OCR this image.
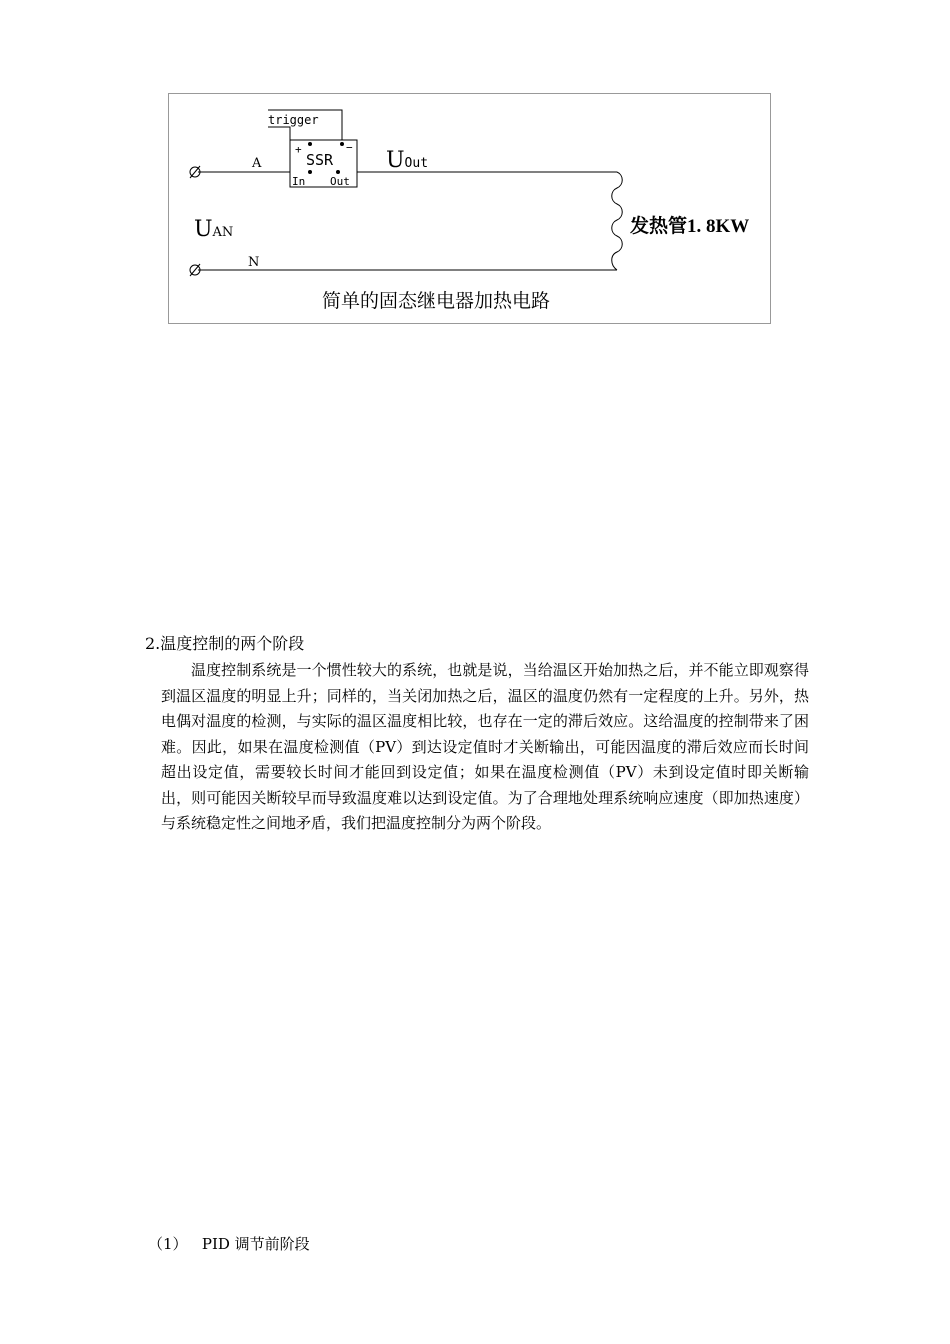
trigger
+	−
SSR
In Out
A	UOut
N
UAN	发热管1. 8KW
简单的固态继电器加热电路
2.温度控制的两个阶段
温度控制系统是一个惯性较大的系统，也就是说，当给温区开始加热之后，并不能立即观察得到温区温度的明显上升；同样的，当关闭加热之后，温区的温度仍然有一定程度的上升。另外，热电偶对温度的检测，与实际的温区温度相比较，也存在一定的滞后效应。这给温度的控制带来了困难。因此，如果在温度检测值（PV）到达设定值时才关断输出，可能因温度的滞后效应而长时间超出设定值，需要较长时间才能回到设定值；如果在温度检测值（PV）未到设定值时即关断输出，则可能因关断较早而导致温度难以达到设定值。为了合理地处理系统响应速度（即加热速度）与系统稳定性之间地矛盾，我们把温度控制分为两个阶段。
（1）   PID 调节前阶段
